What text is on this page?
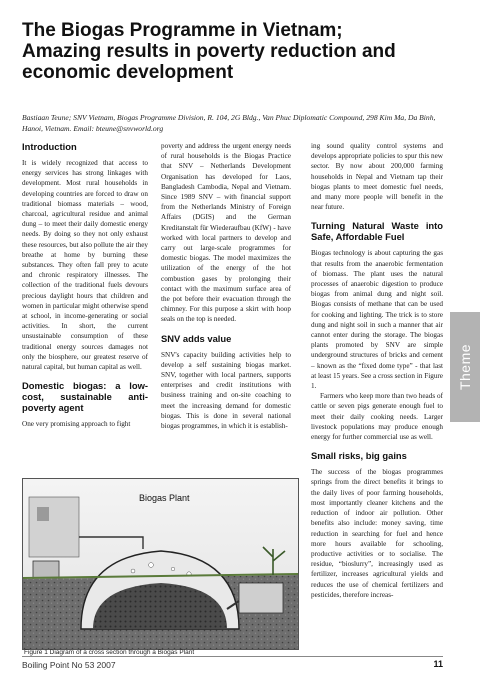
The Biogas Programme in Vietnam; Amazing results in poverty reduction and economic development
Bastiaan Teune; SNV Vietnam, Biogas Programme Division, R. 104, 2G Bldg., Van Phuc Diplomatic Compound, 298 Kim Ma, Da Binh, Hanoi, Vietnam. Email: bteune@snvworld.org
Introduction

It is widely recognized that access to energy services has strong linkages with development. Most rural households in developing countries are forced to draw on traditional biomass materials – wood, charcoal, agricultural residue and animal dung – to meet their daily domestic energy needs. By doing so they not only exhaust these resources, but also pollute the air they breathe at home by burning these substances. They often fall prey to acute and chronic respiratory illnesses. The collection of the traditional fuels devours precious daylight hours that children and women in particular might otherwise spend at school, in income-generating or social activities. In short, the current unsustainable consumption of these traditional energy sources damages not only the biosphere, our greatest reserve of natural capital, but human capital as well.

Domestic biogas: a low-cost, sustainable anti-poverty agent

One very promising approach to fight

poverty and address the urgent energy needs of rural households is the Biogas Practice that SNV – Netherlands Development Organisation has developed for Laos, Bangladesh Cambodia, Nepal and Vietnam. Since 1989 SNV – with financial support from the Netherlands Ministry of Foreign Affairs (DGIS) and the German Kreditanstalt für Wiederaufbau (KfW) - have worked with local partners to develop and carry out large-scale programmes for domestic biogas. The model maximizes the utilization of the energy of the hot combustion gases by prolonging their contact with the maximum surface area of the pot before their evacuation through the chimney. For this purpose a skirt with hoop seals on the top is needed.

SNV adds value

SNV's capacity building activities help to develop a self sustaining biogas market. SNV, together with local partners, supports enterprises and credit institutions with business training and on-site coaching to meet the increasing demand for domestic biogas. This is done in several national biogas programmes, in which it is establish-

ing sound quality control systems and develops appropriate policies to spur this new sector. By now about 200,000 farming households in Nepal and Vietnam tap their biogas plants to meet domestic fuel needs, and many more people will benefit in the near future.

Turning Natural Waste into Safe, Affordable Fuel

Biogas technology is about capturing the gas that results from the anaerobic fermentation of biomass. The plant uses the natural processes of anaerobic digestion to produce biogas from animal dung and night soil. Biogas consists of methane that can be used for cooking and lighting. The trick is to store dung and night soil in such a manner that air cannot enter during the storage. The biogas plants promoted by SNV are simple underground structures of bricks and cement – known as the “fixed dome type” - that last at least 15 years. See a cross section in Figure 1.

Farmers who keep more than two heads of cattle or seven pigs generate enough fuel to meet their daily cooking needs. Larger livestock populations may produce enough energy for further commercial use as well.

Small risks, big gains

The success of the biogas programmes springs from the direct benefits it brings to the daily lives of poor farming households, most importantly cleaner kitchens and the reduction of indoor air pollution. Other benefits also include: money saving, time reduction in searching for fuel and hence more hours available for schooling, productive activities or to socialise. The residue, “bioslurry”, increasingly used as fertilizer, increases agricultural yields and reduces the use of chemical fertilizers and pesticides, therefore increas-

Theme
Biogas Plant
Figure 1 Diagram of a cross section through a Biogas Plant
Boiling Point No 53 2007	11
